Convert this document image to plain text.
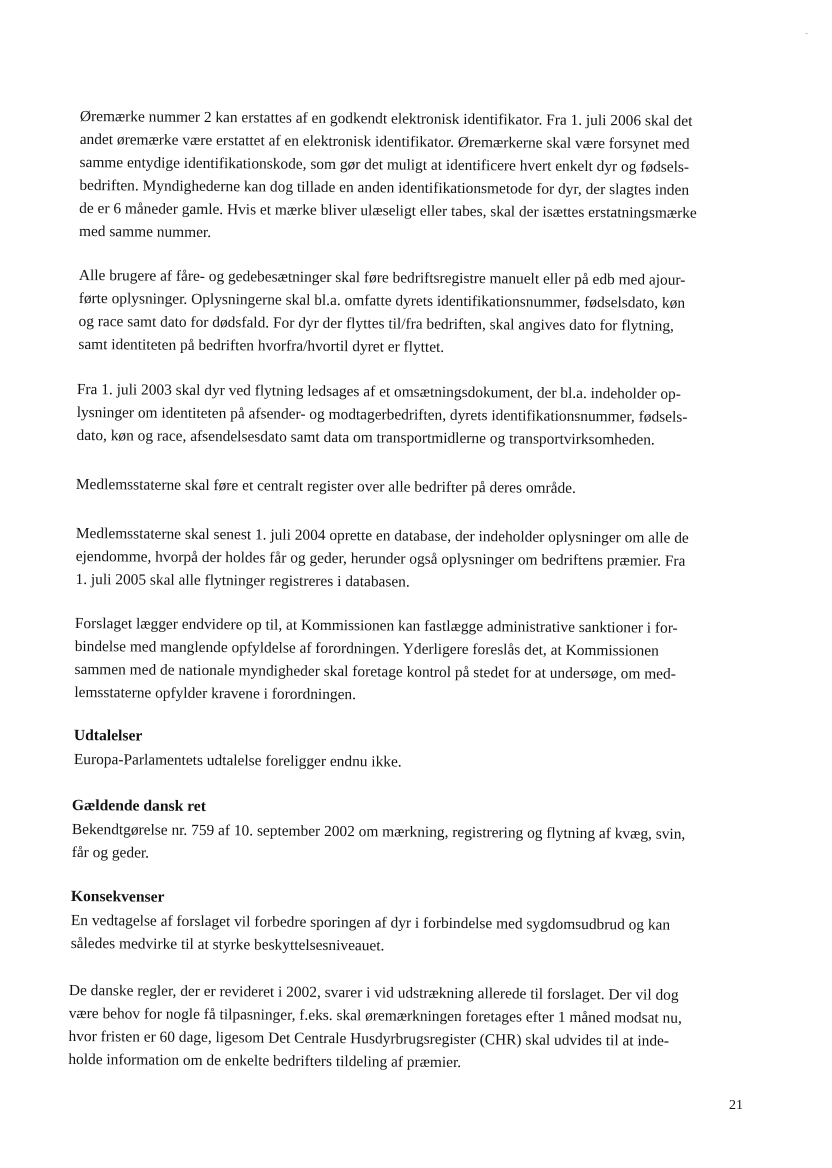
Øremærke nummer 2 kan erstattes af en godkendt elektronisk identifikator. Fra 1. juli 2006 skal det
andet øremærke være erstattet af en elektronisk identifikator. Øremærkerne skal være forsynet med
samme entydige identifikationskode, som gør det muligt at identificere hvert enkelt dyr og fødsels-
bedriften. Myndighederne kan dog tillade en anden identifikationsmetode for dyr, der slagtes inden
de er 6 måneder gamle. Hvis et mærke bliver ulæseligt eller tabes, skal der isættes erstatningsmærke
med samme nummer.

Alle brugere af fåre- og gedebesætninger skal føre bedriftsregistre manuelt eller på edb med ajour-
førte oplysninger. Oplysningerne skal bl.a. omfatte dyrets identifikationsnummer, fødselsdato, køn
og race samt dato for dødsfald. For dyr der flyttes til/fra bedriften, skal angives dato for flytning,
samt identiteten på bedriften hvorfra/hvortil dyret er flyttet.

Fra 1. juli 2003 skal dyr ved flytning ledsages af et omsætningsdokument, der bl.a. indeholder op-
lysninger om identiteten på afsender- og modtagerbedriften, dyrets identifikationsnummer, fødsels-
dato, køn og race, afsendelsesdato samt data om transportmidlerne og transportvirksomheden.

Medlemsstaterne skal føre et centralt register over alle bedrifter på deres område.

Medlemsstaterne skal senest 1. juli 2004 oprette en database, der indeholder oplysninger om alle de
ejendomme, hvorpå der holdes får og geder, herunder også oplysninger om bedriftens præmier. Fra
1. juli 2005 skal alle flytninger registreres i databasen.

Forslaget lægger endvidere op til, at Kommissionen kan fastlægge administrative sanktioner i for-
bindelse med manglende opfyldelse af forordningen. Yderligere foreslås det, at Kommissionen
sammen med de nationale myndigheder skal foretage kontrol på stedet for at undersøge, om med-
lemsstaterne opfylder kravene i forordningen.

Udtalelser

Europa-Parlamentets udtalelse foreligger endnu ikke.

Gældende dansk ret

Bekendtgørelse nr. 759 af 10. september 2002 om mærkning, registrering og flytning af kvæg, svin,
får og geder.

Konsekvenser

En vedtagelse af forslaget vil forbedre sporingen af dyr i forbindelse med sygdomsudbrud og kan
således medvirke til at styrke beskyttelsesniveauet.

De danske regler, der er revideret i 2002, svarer i vid udstrækning allerede til forslaget. Der vil dog
være behov for nogle få tilpasninger, f.eks. skal øremærkningen foretages efter 1 måned modsat nu,
hvor fristen er 60 dage, ligesom Det Centrale Husdyrbrugsregister (CHR) skal udvides til at inde-
holde information om de enkelte bedrifters tildeling af præmier.

21
